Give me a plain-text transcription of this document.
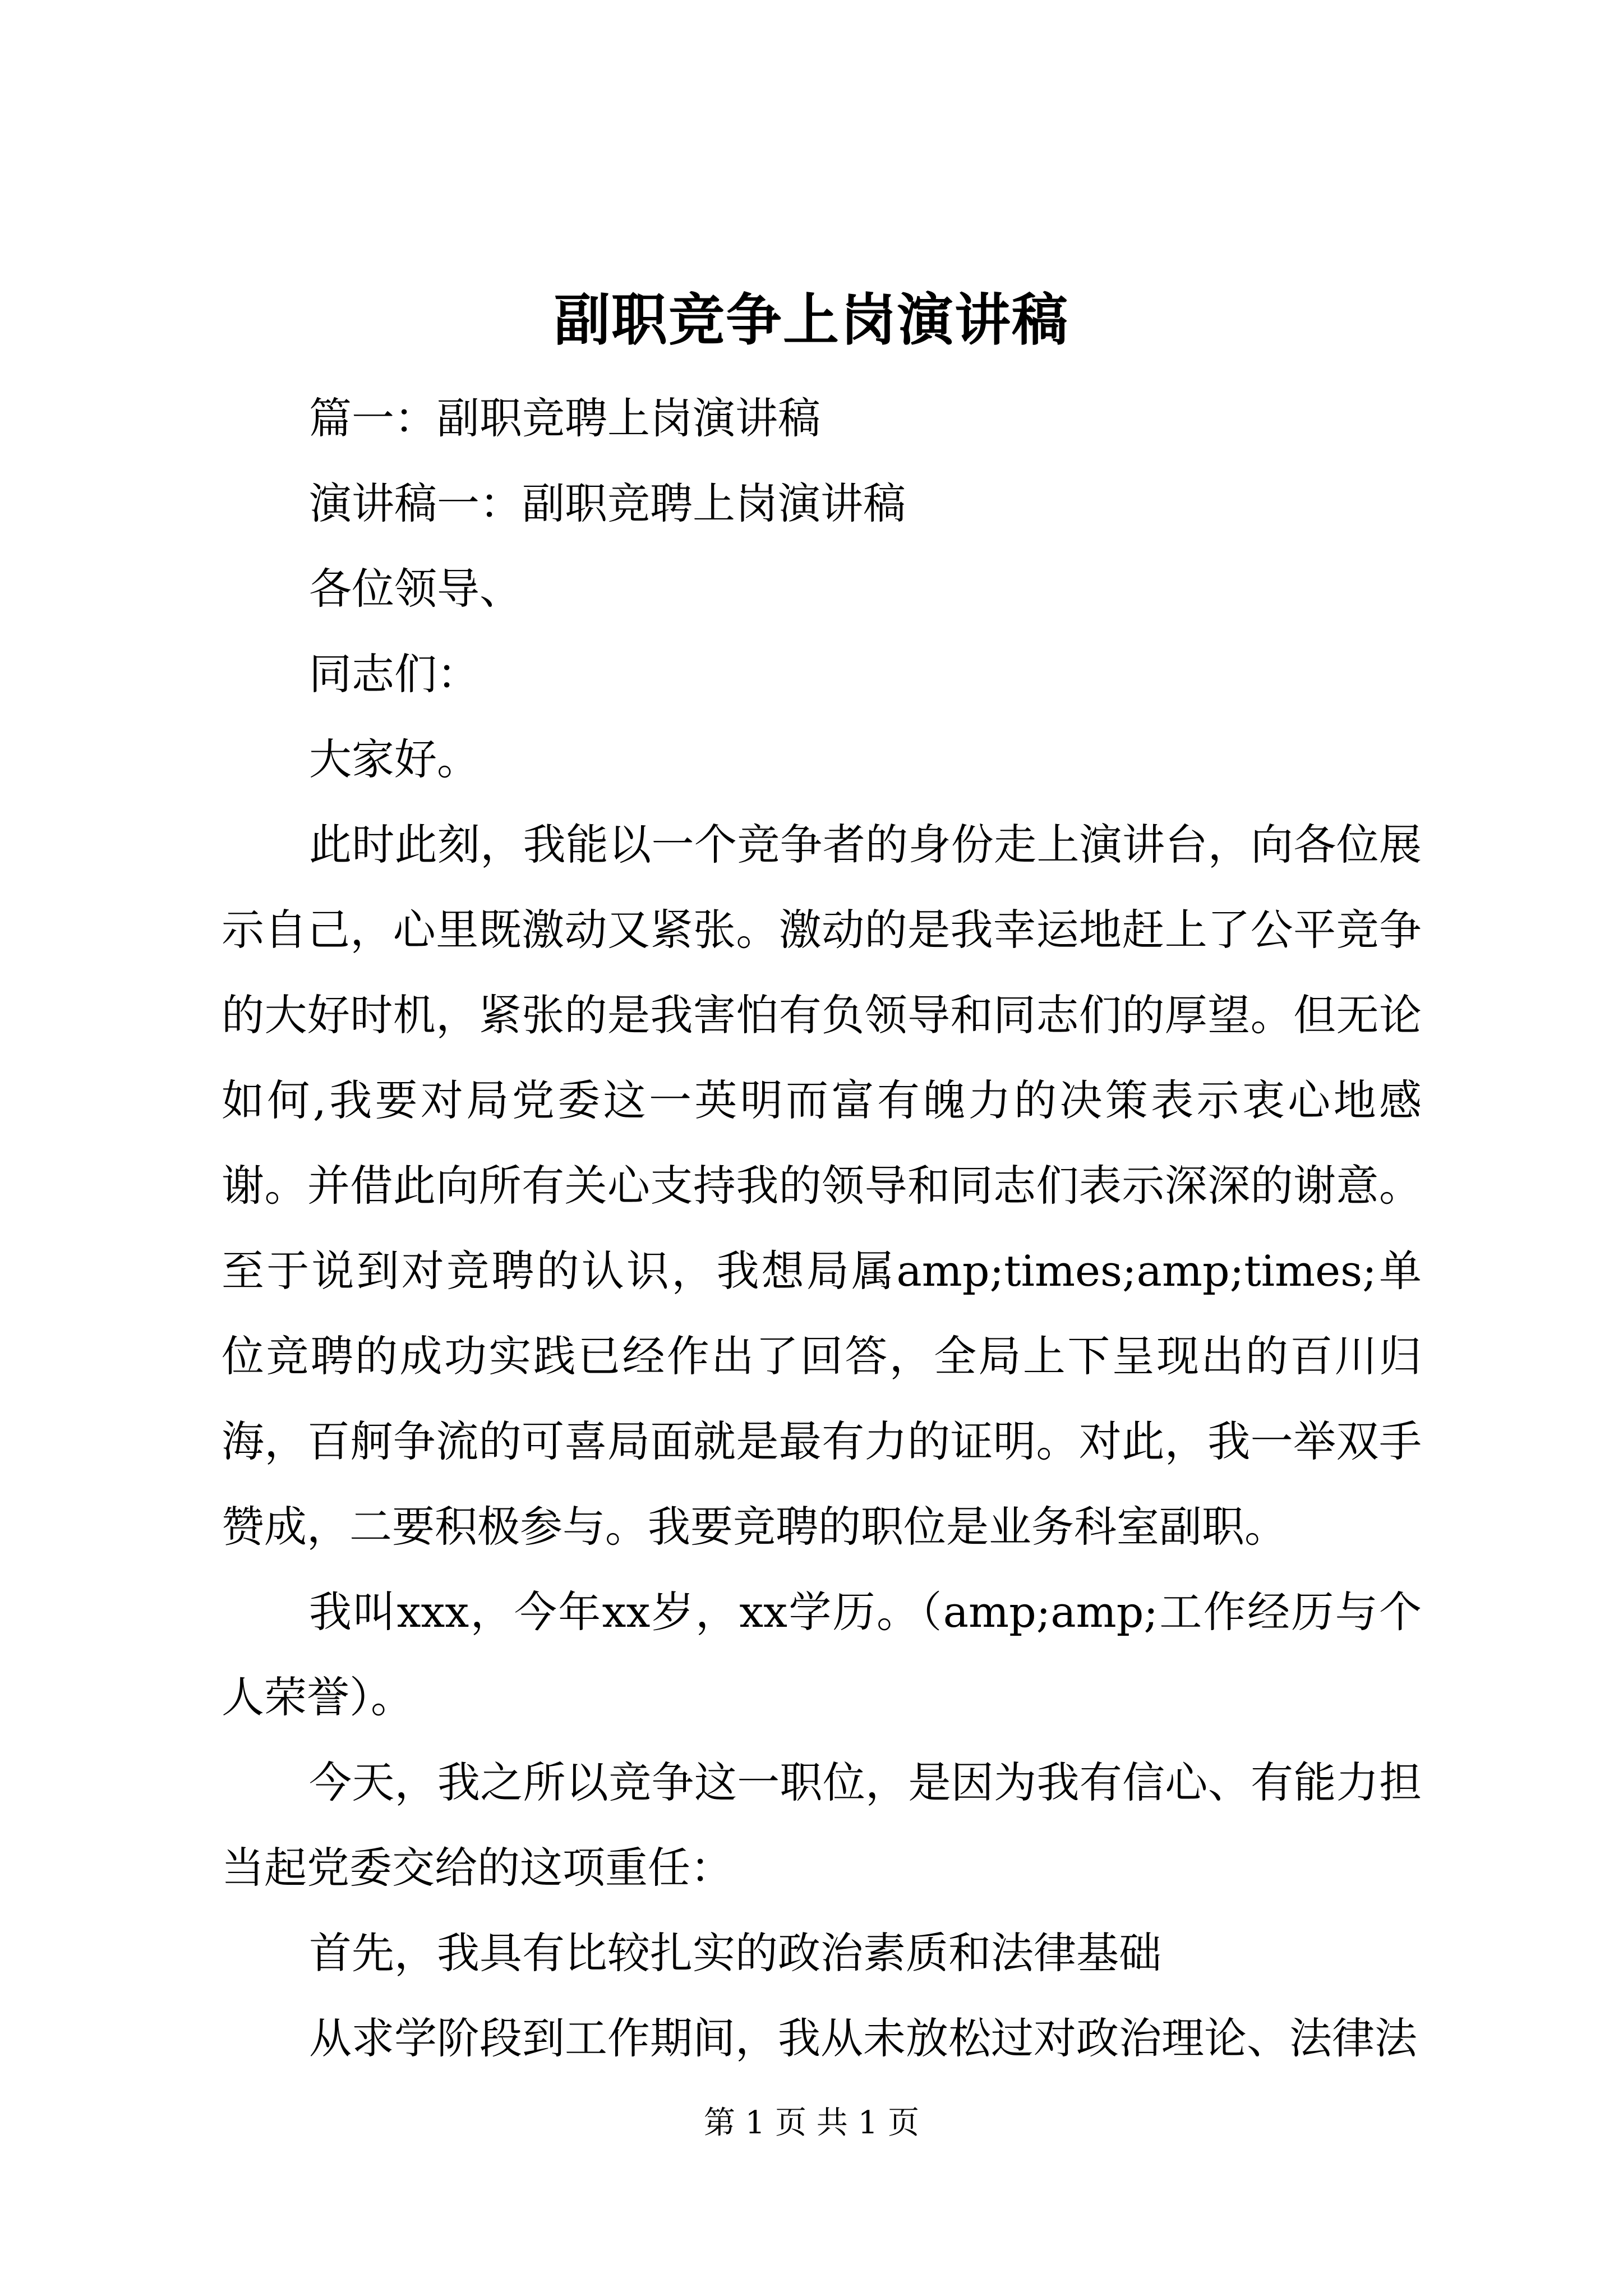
副职竞争上岗演讲稿

篇一：副职竞聘上岗演讲稿

演讲稿一：副职竞聘上岗演讲稿

各位领导、

同志们：

大家好。

此时此刻，我能以一个竞争者的身份走上演讲台，向各位展示自己，心里既激动又紧张。激动的是我幸运地赶上了公平竞争的大好时机，紧张的是我害怕有负领导和同志们的厚望。但无论如何,我要对局党委这一英明而富有魄力的决策表示衷心地感谢。并借此向所有关心支持我的领导和同志们表示深深的谢意。至于说到对竞聘的认识，我想局属amp;times;amp;times;单位竞聘的成功实践已经作出了回答，全局上下呈现出的百川归海，百舸争流的可喜局面就是最有力的证明。对此，我一举双手赞成，二要积极参与。我要竞聘的职位是业务科室副职。

我叫xxx，今年xx岁，xx学历。（amp;amp;工作经历与个人荣誉）。

今天，我之所以竞争这一职位，是因为我有信心、有能力担当起党委交给的这项重任：

首先，我具有比较扎实的政治素质和法律基础

从求学阶段到工作期间，我从未放松过对政治理论、法律法

第 1 页 共 1 页
